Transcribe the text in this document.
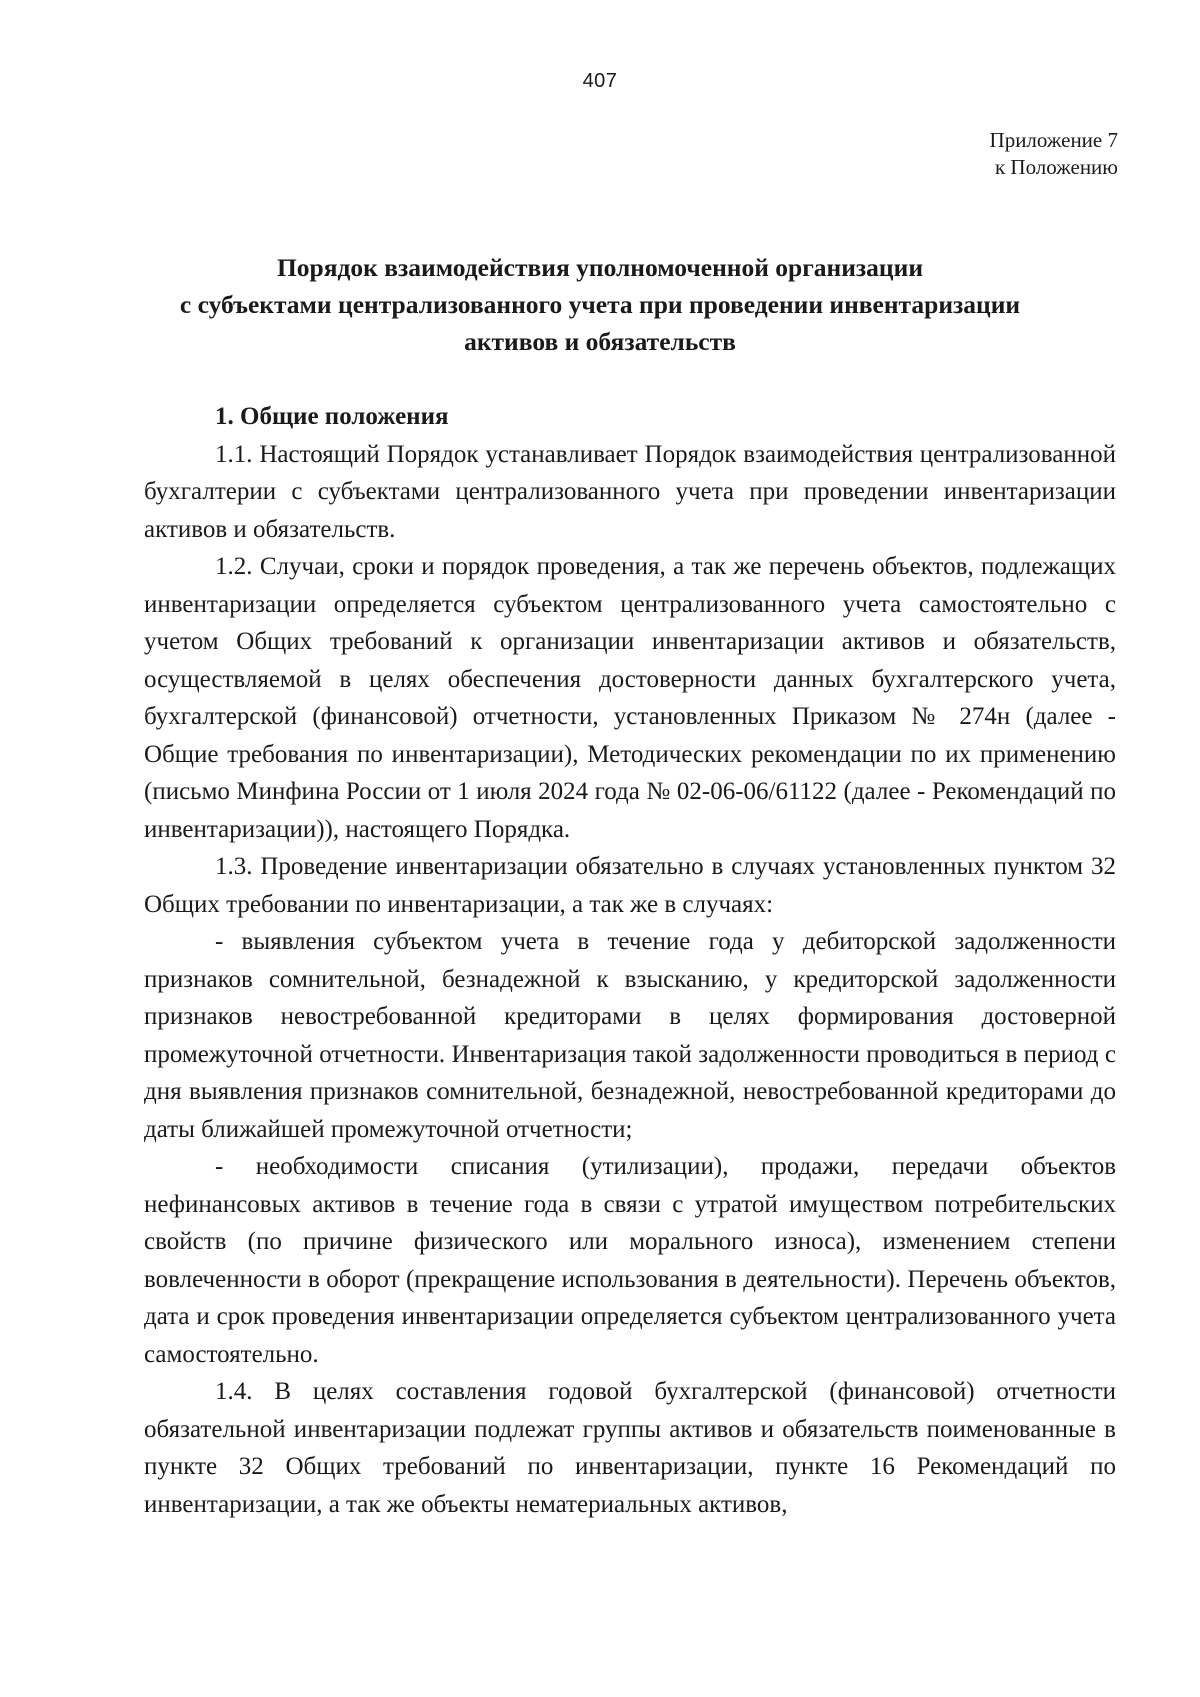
407
Приложение 7
к Положению
Порядок взаимодействия уполномоченной организации
с субъектами централизованного учета при проведении инвентаризации
активов и обязательств
1. Общие положения

1.1. Настоящий Порядок устанавливает Порядок взаимодействия централизованной бухгалтерии с субъектами централизованного учета при проведении инвентаризации активов и обязательств.

1.2. Случаи, сроки и порядок проведения, а так же перечень объектов, подлежащих инвентаризации определяется субъектом централизованного учета самостоятельно с учетом Общих требований к организации инвентаризации активов и обязательств, осуществляемой в целях обеспечения достоверности данных бухгалтерского учета, бухгалтерской (финансовой) отчетности, установленных Приказом № 274н (далее - Общие требования по инвентаризации), Методических рекомендации по их применению (письмо Минфина России от 1 июля 2024 года № 02-06-06/61122 (далее - Рекомендаций по инвентаризации)), настоящего Порядка.

1.3. Проведение инвентаризации обязательно в случаях установленных пунктом 32 Общих требовании по инвентаризации, а так же в случаях:

- выявления субъектом учета в течение года у дебиторской задолженности признаков сомнительной, безнадежной к взысканию, у кредиторской задолженности признаков невостребованной кредиторами в целях формирования достоверной промежуточной отчетности. Инвентаризация такой задолженности проводиться в период с дня выявления признаков сомнительной, безнадежной, невостребованной кредиторами до даты ближайшей промежуточной отчетности;

- необходимости списания (утилизации), продажи, передачи объектов нефинансовых активов в течение года в связи с утратой имуществом потребительских свойств (по причине физического или морального износа), изменением степени вовлеченности в оборот (прекращение использования в деятельности). Перечень объектов, дата и срок проведения инвентаризации определяется субъектом централизованного учета самостоятельно.

1.4. В целях составления годовой бухгалтерской (финансовой) отчетности обязательной инвентаризации подлежат группы активов и обязательств поименованные в пункте 32 Общих требований по инвентаризации, пункте 16 Рекомендаций по инвентаризации, а так же объекты нематериальных активов,
